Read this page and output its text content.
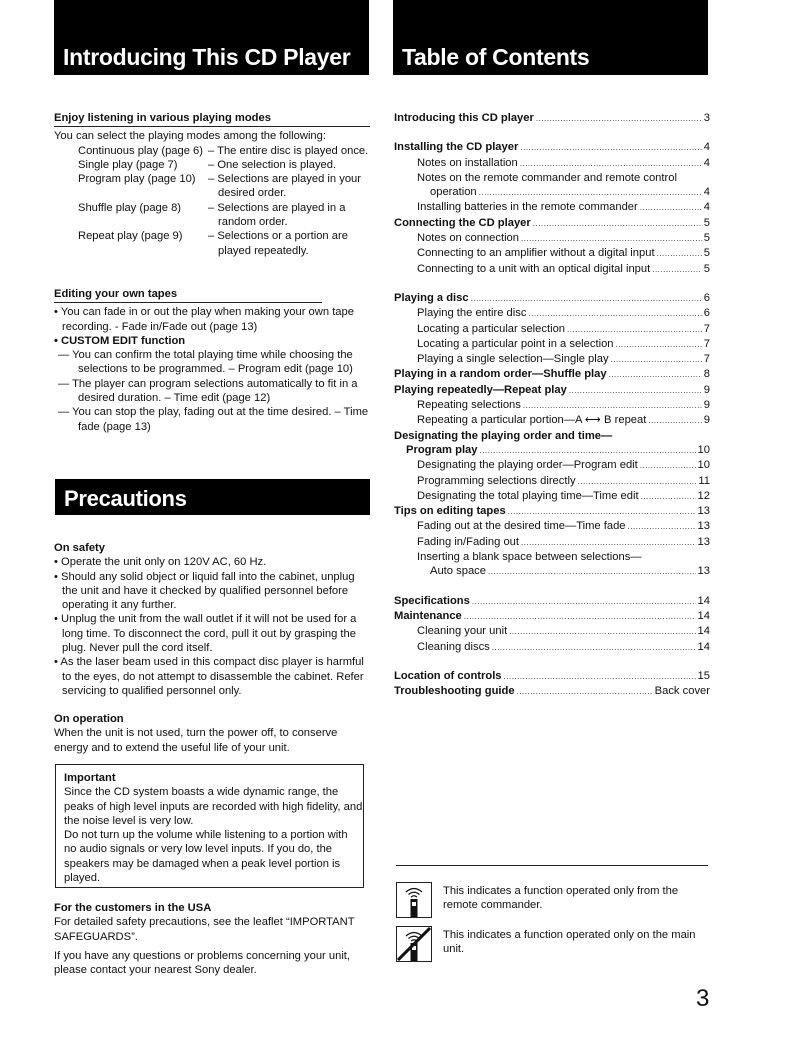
Introducing This CD Player Table of Contents
Enjoy listening in various playing modes

You can select the playing modes among the following:

Continuous play (page 6) – The entire disc is played once.
Single play (page 7)	– One selection is played.
Program play (page 10)	– Selections are played in your desired order.
Shuffle play (page 8)	– Selections are played in a random order.
Repeat play (page 9)	– Selections or a portion are played repeatedly.
Editing your own tapes

• You can fade in or out the play when making your own tape recording. - Fade in/Fade out (page 13)

• CUSTOM EDIT function

— You can confirm the total playing time while choosing the selections to be programmed. – Program edit (page 10)

— The player can program selections automatically to fit in a desired duration. – Time edit (page 12)

— You can stop the play, fading out at the time desired. – Time fade (page 13)

Precautions
On safety

• Operate the unit only on 120V AC, 60 Hz.

• Should any solid object or liquid fall into the cabinet, unplug the unit and have it checked by qualified personnel before operating it any further.

• Unplug the unit from the wall outlet if it will not be used for a long time. To disconnect the cord, pull it out by grasping the plug. Never pull the cord itself.

• As the laser beam used in this compact disc player is harmful to the eyes, do not attempt to disassemble the cabinet. Refer servicing to qualified personnel only.

On operation

When the unit is not used, turn the power off, to conserve energy and to extend the useful life of your unit.

Important

Since the CD system boasts a wide dynamic range, the peaks of high level inputs are recorded with high fidelity, and the noise level is very low.

Do not turn up the volume while listening to a portion with no audio signals or very low level inputs. If you do, the speakers may be damaged when a peak level portion is played.

For the customers in the USA

For detailed safety precautions, see the leaflet “IMPORTANT SAFEGUARDS”.

If you have any questions or problems concerning your unit, please contact your nearest Sony dealer.

Introducing this CD player .....	3
Installing the CD player .....	4
Notes on installation .....	4
Notes on the remote commander and remote control
operation .....	4
Installing batteries in the remote commander .....	4
Connecting the CD player .....	5
Notes on connection .....	5
Connecting to an amplifier without a digital input .....	5
Connecting to a unit with an optical digital input .....	5
Playing a disc .....	6
Playing the entire disc .....	6
Locating a particular selection .....	7
Locating a particular point in a selection .....	7
Playing a single selection—Single play .....	7
Playing in a random order—Shuffle play .....	8
Playing repeatedly—Repeat play .....	9
Repeating selections .....	9
Repeating a particular portion—A ⟷ B repeat .....	9
Designating the playing order and time—
Program play .....	10
Designating the playing order—Program edit .....	10
Programming selections directly .....	11
Designating the total playing time—Time edit .....	12
Tips on editing tapes .....	13
Fading out at the desired time—Time fade .....	13
Fading in/Fading out .....	13
Inserting a blank space between selections—
Auto space .....	13
Specifications .....	14
Maintenance .....	14
Cleaning your unit .....	14
Cleaning discs .....	14
Location of controls .....	15
Troubleshooting guide .....	Back cover
This indicates a function operated only from the remote commander.
This indicates a function operated only on the main unit.
3
